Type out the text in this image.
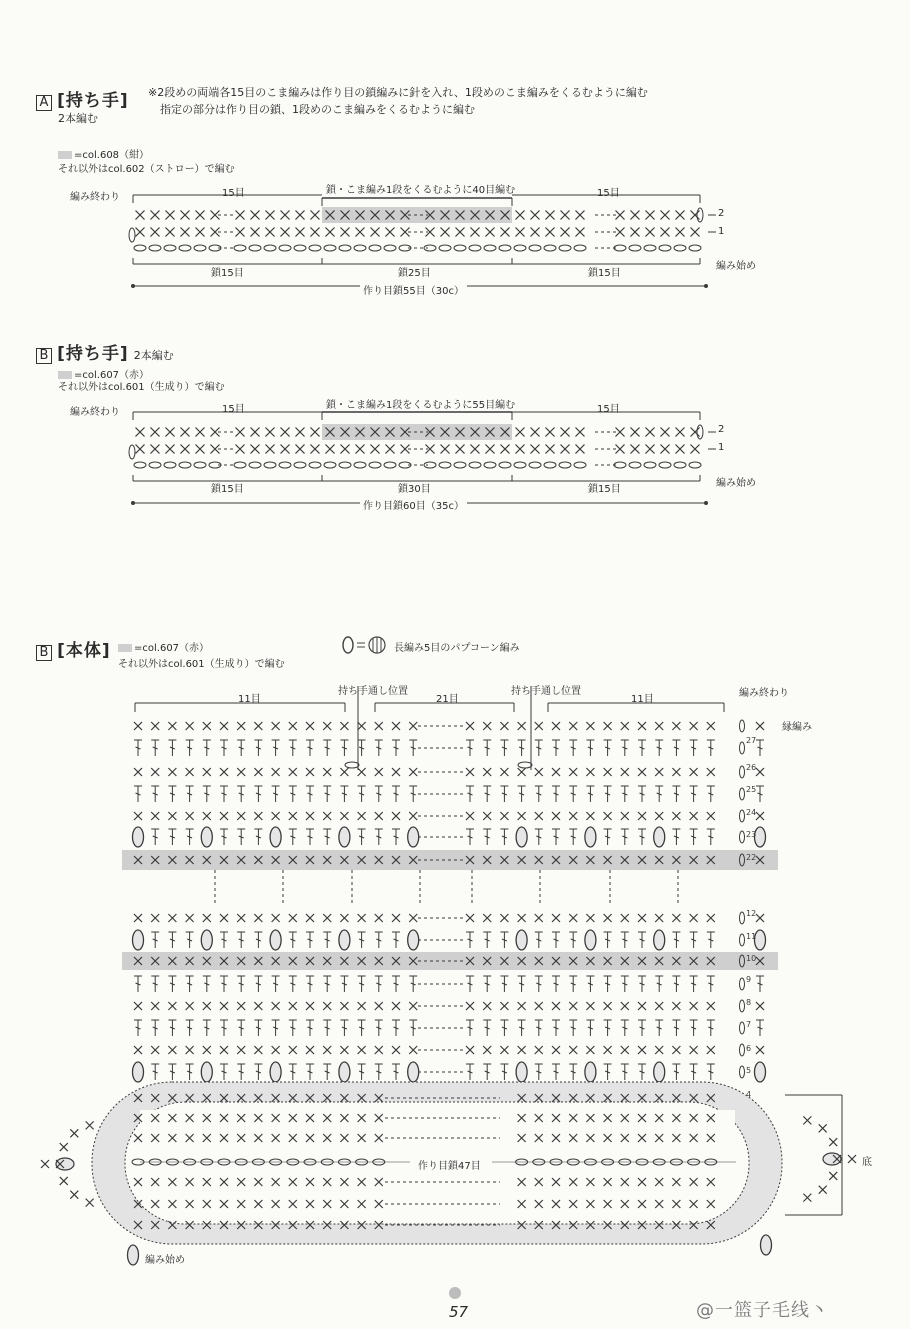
A [持ち手]
2本編む
※2段めの両端各15目のこま編みは作り目の鎖編みに針を入れ、1段めのこま編みをくるむように編む
指定の部分は作り目の鎖、1段めのこま編みをくるむように編む
=col.608（紺）
それ以外はcol.602（ストロー）で編む
編み終わり	15目	鎖・こま編み1段をくるむように40目編む	15目
2
1
編み始め
鎖15目	鎖25目	鎖15目
作り目鎖55目（30c）
B [持ち手] 2本編む
=col.607（赤）
それ以外はcol.601（生成り）で編む
編み終わり	15目	鎖・こま編み1段をくるむように55目編む	15目
2
1
編み始め
鎖15目	鎖30目	鎖15目
作り目鎖60目（35c）
B [本体]	=col.607（赤）
それ以外はcol.601（生成り）で編む
長編み5目のパプコーン編み
27
26
25
24
23
22
12
11
10
9
8
7
6
5
4
11目	21目	11目
持ち手通し位置	持ち手通し位置	編み終わり
縁編み
作り目鎖47目	底
編み始め
57	@一篮子毛线丶
